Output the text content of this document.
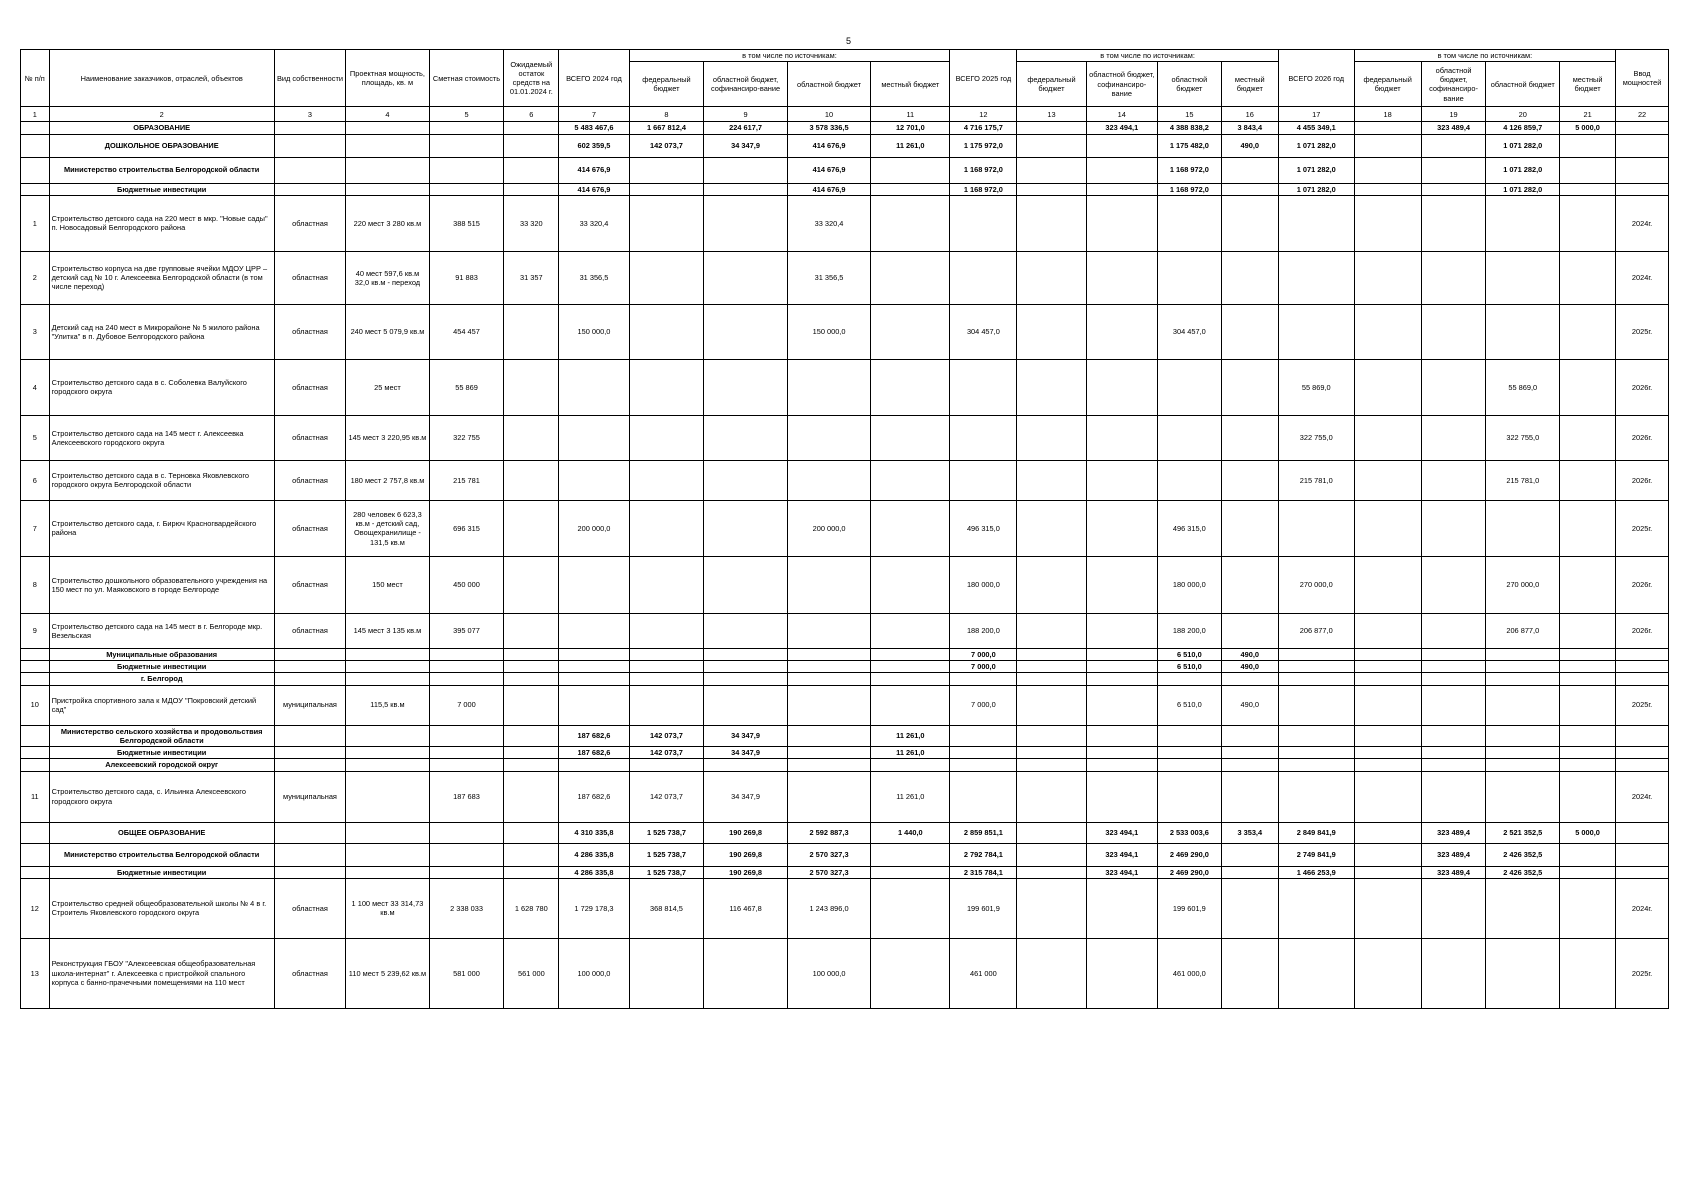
5
№ п/п	Наименование заказчиков, отраслей, объектов	Вид собственности	Проектная мощность, площадь, кв. м	Сметная стоимость	Ожидаемый остаток средств на 01.01.2024 г.	ВСЕГО 2024 год	в том числе по источникам:				ВСЕГО 2025 год	в том числе по источникам:				ВСЕГО 2026 год	в том числе по источникам:				Ввод мощностей
							федеральный бюджет	областной бюджет, софинансиро-вание	областной бюджет	местный бюджет		федеральный бюджет	областной бюджет, софинансиро-вание	областной бюджет	местный бюджет		федеральный бюджет	областной бюджет, софинансиро-вание	областной бюджет	местный бюджет	
1	2	3	4	5	6	7	8	9	10	11	12	13	14	15	16	17	18	19	20	21	22
	ОБРАЗОВАНИЕ					5 483 467,6	1 667 812,4	224 617,7	3 578 336,5	12 701,0	4 716 175,7		323 494,1	4 388 838,2	3 843,4	4 455 349,1		323 489,4	4 126 859,7	5 000,0	
	ДОШКОЛЬНОЕ ОБРАЗОВАНИЕ					602 359,5	142 073,7	34 347,9	414 676,9	11 261,0	1 175 972,0			1 175 482,0	490,0	1 071 282,0			1 071 282,0		
	Министерство строительства Белгородской области					414 676,9			414 676,9		1 168 972,0			1 168 972,0		1 071 282,0			1 071 282,0		
	Бюджетные инвестиции					414 676,9			414 676,9		1 168 972,0			1 168 972,0		1 071 282,0			1 071 282,0		
1	Строительство детского сада на 220 мест в мкр. "Новые сады" п. Новосадовый Белгородского района	областная	220 мест 3 280 кв.м	388 515	33 320	33 320,4			33 320,4												2024г.
2	Строительство корпуса на две групповые ячейки МДОУ ЦРР – детский сад № 10 г. Алексеевка Белгородской области (в том числе переход)	областная	40 мест 597,6 кв.м 32,0 кв.м - переход	91 883	31 357	31 356,5			31 356,5												2024г.
3	Детский сад на 240 мест в Микрорайоне № 5 жилого района "Улитка" в п. Дубовое Белгородского района	областная	240 мест 5 079,9 кв.м	454 457		150 000,0			150 000,0		304 457,0			304 457,0							2025г.
4	Строительство детского сада в с. Соболевка Валуйского городского округа	областная	25 мест	55 869												55 869,0			55 869,0		2026г.
5	Строительство детского сада на 145 мест г. Алексеевка Алексеевского городского округа	областная	145 мест 3 220,95 кв.м	322 755												322 755,0			322 755,0		2026г.
6	Строительство детского сада в с. Терновка Яковлевского городского округа Белгородской области	областная	180 мест 2 757,8 кв.м	215 781												215 781,0			215 781,0		2026г.
7	Строительство детского сада, г. Бирюч Красногвардейского района	областная	280 человек 6 623,3 кв.м - детский сад, Овощехранилище - 131,5 кв.м	696 315		200 000,0			200 000,0		496 315,0			496 315,0							2025г.
8	Строительство дошкольного образовательного учреждения на 150 мест по ул. Маяковского в городе Белгороде	областная	150 мест	450 000							180 000,0			180 000,0		270 000,0			270 000,0		2026г.
9	Строительство детского сада на 145 мест в г. Белгороде мкр. Везельская	областная	145 мест 3 135 кв.м	395 077							188 200,0			188 200,0		206 877,0			206 877,0		2026г.
	Муниципальные образования										7 000,0			6 510,0	490,0						
	Бюджетные инвестиции										7 000,0			6 510,0	490,0						
	г. Белгород																				
10	Пристройка спортивного зала к МДОУ "Покровский детский сад"	муниципальная	115,5 кв.м	7 000							7 000,0			6 510,0	490,0						2025г.
	Министерство сельского хозяйства и продовольствия Белгородской области					187 682,6	142 073,7	34 347,9		11 261,0											
	Бюджетные инвестиции					187 682,6	142 073,7	34 347,9		11 261,0											
	Алексеевский городской округ																				
11	Строительство детского сада, с. Ильинка Алексеевского городского округа	муниципальная		187 683		187 682,6	142 073,7	34 347,9		11 261,0											2024г.
	ОБЩЕЕ ОБРАЗОВАНИЕ					4 310 335,8	1 525 738,7	190 269,8	2 592 887,3	1 440,0	2 859 851,1		323 494,1	2 533 003,6	3 353,4	2 849 841,9		323 489,4	2 521 352,5	5 000,0	
	Министерство строительства Белгородской области					4 286 335,8	1 525 738,7	190 269,8	2 570 327,3		2 792 784,1		323 494,1	2 469 290,0		2 749 841,9		323 489,4	2 426 352,5		
	Бюджетные инвестиции					4 286 335,8	1 525 738,7	190 269,8	2 570 327,3		2 315 784,1		323 494,1	2 469 290,0		1 466 253,9		323 489,4	2 426 352,5		
12	Строительство средней общеобразовательной школы № 4 в г. Строитель Яковлевского городского округа	областная	1 100 мест 33 314,73 кв.м	2 338 033	1 628 780	1 729 178,3	368 814,5	116 467,8	1 243 896,0		199 601,9			199 601,9							2024г.
13	Реконструкция ГБОУ "Алексеевская общеобразовательная школа-интернат" г. Алексеевка с пристройкой спального корпуса с банно-прачечными помещениями на 110 мест	областная	110 мест 5 239,62 кв.м	581 000	561 000	100 000,0			100 000,0		461 000			461 000,0							2025г.
